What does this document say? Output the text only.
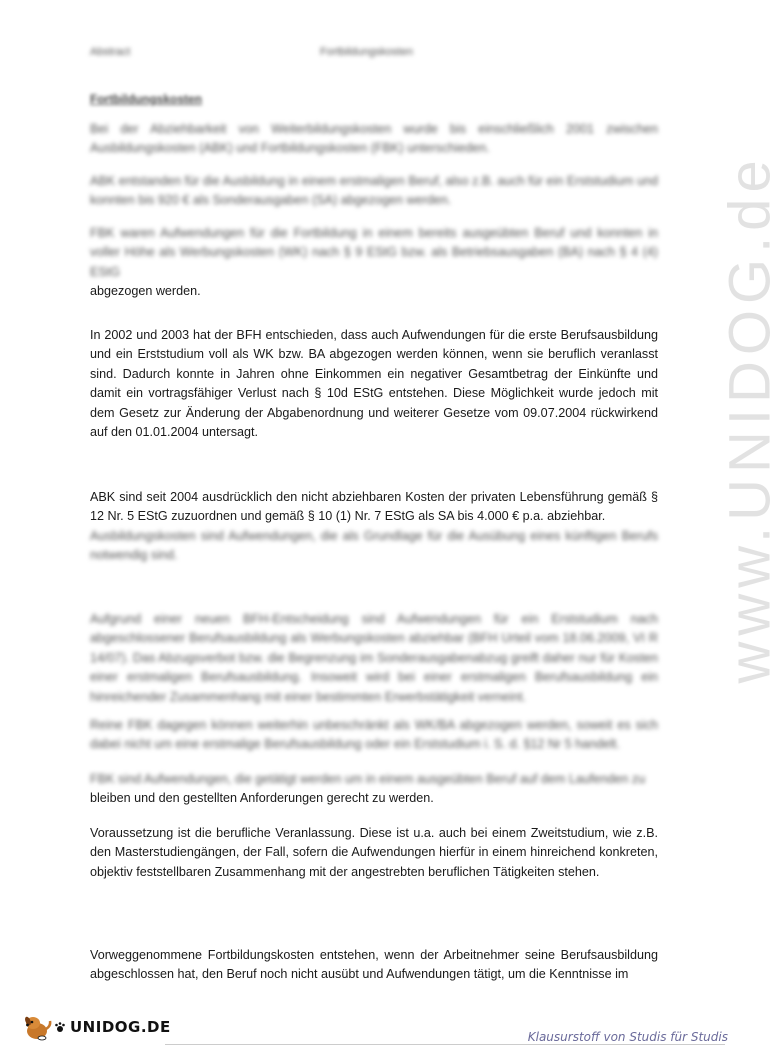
Abstract	Fortbildungskosten
Fortbildungskosten
Bei der Abziehbarkeit von Weiterbildungskosten wurde bis einschließlich 2001 zwischen Ausbildungskosten (ABK) und Fortbildungskosten (FBK) unterschieden.
ABK entstanden für die Ausbildung in einem erstmaligen Beruf, also z.B. auch für ein Erststudium und konnten bis 920 € als Sonderausgaben (SA) abgezogen werden.
FBK waren Aufwendungen für die Fortbildung in einem bereits ausgeübten Beruf und konnten in voller Höhe als Werbungskosten (WK) nach § 9 EStG bzw. als Betriebsausgaben (BA) nach § 4 (4) EStG
abgezogen werden.
In 2002 und 2003 hat der BFH entschieden, dass auch Aufwendungen für die erste Berufsausbildung und ein Erststudium voll als WK bzw. BA abgezogen werden können, wenn sie beruflich veranlasst sind. Dadurch konnte in Jahren ohne Einkommen ein negativer Gesamtbetrag der Einkünfte und damit ein vortragsfähiger Verlust nach § 10d EStG entstehen. Diese Möglichkeit wurde jedoch mit dem Gesetz zur Änderung der Abgabenordnung und weiterer Gesetze vom 09.07.2004 rückwirkend auf den 01.01.2004 untersagt.
ABK sind seit 2004 ausdrücklich den nicht abziehbaren Kosten der privaten Lebensführung gemäß § 12 Nr. 5 EStG zuzuordnen und gemäß § 10 (1) Nr. 7 EStG als SA bis 4.000 € p.a. abziehbar.
Ausbildungskosten sind Aufwendungen, die als Grundlage für die Ausübung eines künftigen Berufs notwendig sind.
Aufgrund einer neuen BFH-Entscheidung sind Aufwendungen für ein Erststudium nach abgeschlossener Berufsausbildung als Werbungskosten abziehbar (BFH Urteil vom 18.06.2009, VI R 14/07). Das Abzugsverbot bzw. die Begrenzung im Sonderausgabenabzug greift daher nur für Kosten einer erstmaligen Berufsausbildung. Insoweit wird bei einer erstmaligen Berufsausbildung ein hinreichender Zusammenhang mit einer bestimmten Erwerbstätigkeit verneint.
Reine FBK dagegen können weiterhin unbeschränkt als WK/BA abgezogen werden, soweit es sich dabei nicht um eine erstmalige Berufsausbildung oder ein Erststudium i. S. d. §12 Nr 5 handelt.
FBK sind Aufwendungen, die getätigt werden um in einem ausgeübten Beruf auf dem Laufenden zu
bleiben und den gestellten Anforderungen gerecht zu werden.
Voraussetzung ist die berufliche Veranlassung. Diese ist u.a. auch bei einem Zweitstudium, wie z.B. den Masterstudiengängen, der Fall, sofern die Aufwendungen hierfür in einem hinreichend konkreten, objektiv feststellbaren Zusammenhang mit der angestrebten beruflichen Tätigkeiten stehen.
Vorweggenommene Fortbildungskosten entstehen, wenn der Arbeitnehmer seine Berufsausbildung abgeschlossen hat, den Beruf noch nicht ausübt und Aufwendungen tätigt, um die Kenntnisse im
www.UNIDOG.de
UNIDOG.DE
Klausurstoff von Studis für Studis
